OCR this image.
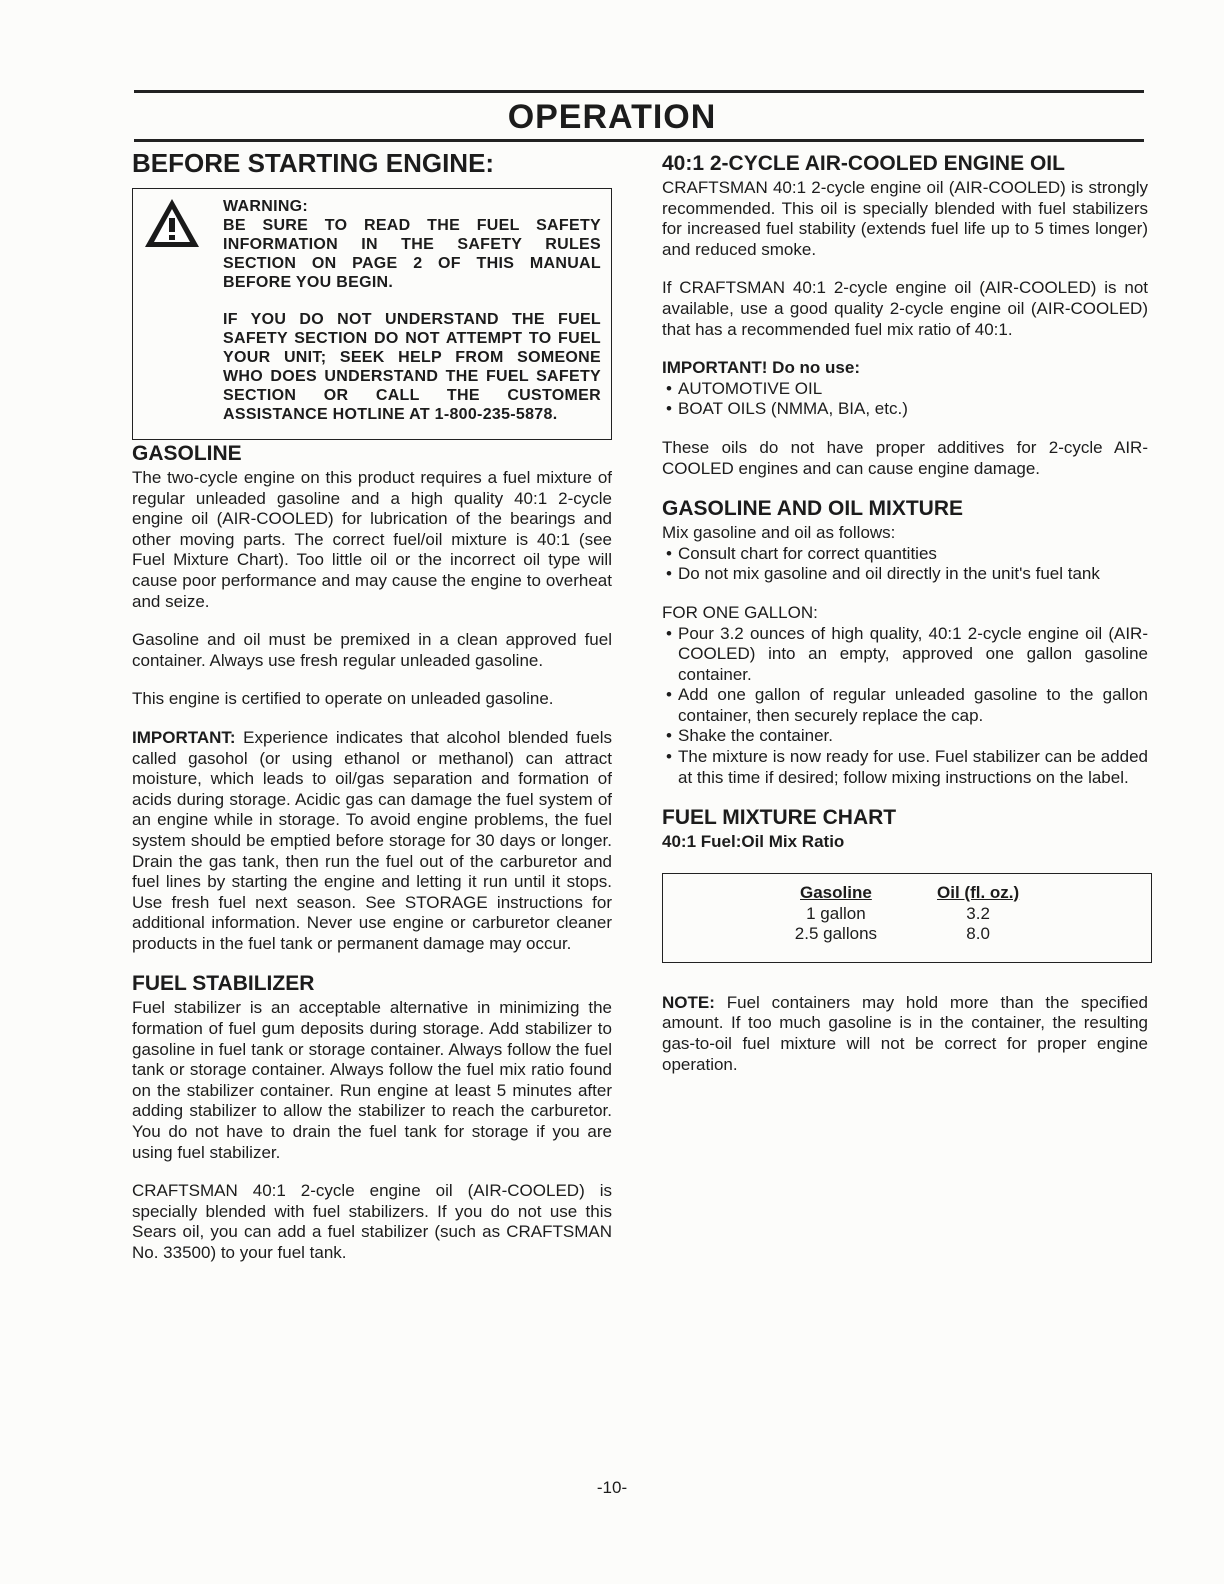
OPERATION
BEFORE STARTING ENGINE:
WARNING:
BE SURE TO READ THE FUEL SAFETY INFORMATION IN THE SAFETY RULES SECTION ON PAGE 2 OF THIS MANUAL BEFORE YOU BEGIN.
IF YOU DO NOT UNDERSTAND THE FUEL SAFETY SECTION DO NOT ATTEMPT TO FUEL YOUR UNIT; SEEK HELP FROM SOMEONE WHO DOES UNDERSTAND THE FUEL SAFETY SECTION OR CALL THE CUSTOMER ASSISTANCE HOTLINE AT 1-800-235-5878.
GASOLINE

The two-cycle engine on this product requires a fuel mixture of regular unleaded gasoline and a high quality 40:1 2-cycle engine oil (AIR-COOLED) for lubrication of the bearings and other moving parts. The correct fuel/oil mixture is 40:1 (see Fuel Mixture Chart). Too little oil or the incorrect oil type will cause poor performance and may cause the engine to overheat and seize.

Gasoline and oil must be premixed in a clean approved fuel container. Always use fresh regular unleaded gasoline.

This engine is certified to operate on unleaded gasoline.

IMPORTANT: Experience indicates that alcohol blended fuels called gasohol (or using ethanol or methanol) can attract moisture, which leads to oil/gas separation and formation of acids during storage. Acidic gas can damage the fuel system of an engine while in storage. To avoid engine problems, the fuel system should be emptied before storage for 30 days or longer. Drain the gas tank, then run the fuel out of the carburetor and fuel lines by starting the engine and letting it run until it stops. Use fresh fuel next season. See STORAGE instructions for additional information. Never use engine or carburetor cleaner products in the fuel tank or permanent damage may occur.

FUEL STABILIZER

Fuel stabilizer is an acceptable alternative in minimizing the formation of fuel gum deposits during storage. Add stabilizer to gasoline in fuel tank or storage container. Always follow the fuel tank or storage container. Always follow the fuel mix ratio found on the stabilizer container. Run engine at least 5 minutes after adding stabilizer to allow the stabilizer to reach the carburetor. You do not have to drain the fuel tank for storage if you are using fuel stabilizer.

CRAFTSMAN 40:1 2-cycle engine oil (AIR-COOLED) is specially blended with fuel stabilizers. If you do not use this Sears oil, you can add a fuel stabilizer (such as CRAFTSMAN No. 33500) to your fuel tank.

40:1 2-CYCLE AIR-COOLED ENGINE OIL

CRAFTSMAN 40:1 2-cycle engine oil (AIR-COOLED) is strongly recommended. This oil is specially blended with fuel stabilizers for increased fuel stability (extends fuel life up to 5 times longer) and reduced smoke.

If CRAFTSMAN 40:1 2-cycle engine oil (AIR-COOLED) is not available, use a good quality 2-cycle engine oil (AIR-COOLED) that has a recommended fuel mix ratio of 40:1.

IMPORTANT! Do no use:

• AUTOMOTIVE OIL
• BOAT OILS (NMMA, BIA, etc.)

These oils do not have proper additives for 2-cycle AIR-COOLED engines and can cause engine damage.

GASOLINE AND OIL MIXTURE

Mix gasoline and oil as follows:

• Consult chart for correct quantities
• Do not mix gasoline and oil directly in the unit's fuel tank

FOR ONE GALLON:

• Pour 3.2 ounces of high quality, 40:1 2-cycle engine oil (AIR-COOLED) into an empty, approved one gallon gasoline container.
• Add one gallon of regular unleaded gasoline to the gallon container, then securely replace the cap.
• Shake the container.
• The mixture is now ready for use. Fuel stabilizer can be added at this time if desired; follow mixing instructions on the label.
FUEL MIXTURE CHART

40:1 Fuel:Oil Mix Ratio

Gasoline	Oil (fl. oz.)
1 gallon	3.2
2.5 gallons	8.0

NOTE: Fuel containers may hold more than the specified amount. If too much gasoline is in the container, the resulting gas-to-oil fuel mixture will not be correct for proper engine operation.

-10-
